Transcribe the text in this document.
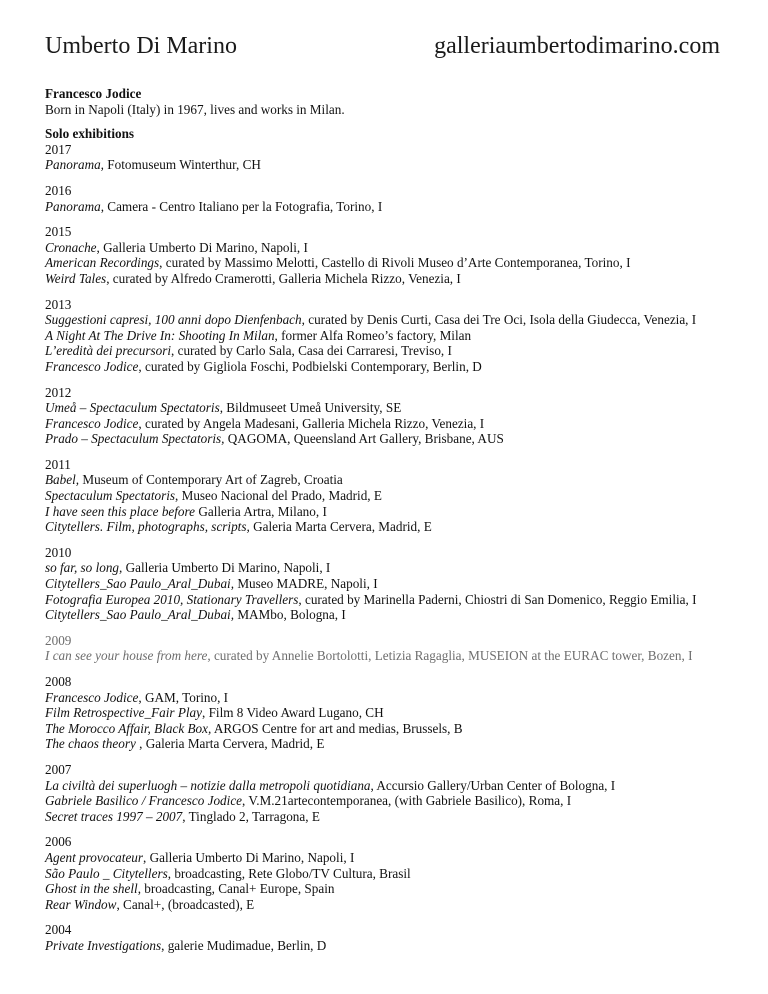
Umberto Di Marino	galleriaumbertodimarino.com
Francesco Jodice
Born in Napoli (Italy) in 1967, lives and works in Milan.
Solo exhibitions
2017
Panorama, Fotomuseum Winterthur, CH
2016
Panorama, Camera - Centro Italiano per la Fotografia, Torino, I
2015
Cronache, Galleria Umberto Di Marino, Napoli, I
American Recordings, curated by Massimo Melotti, Castello di Rivoli Museo d’Arte Contemporanea, Torino, I
Weird Tales, curated by Alfredo Cramerotti, Galleria Michela Rizzo, Venezia, I
2013
Suggestioni capresi, 100 anni dopo Dienfenbach, curated by Denis Curti, Casa dei Tre Oci, Isola della Giudecca, Venezia, I
A Night At The Drive In: Shooting In Milan, former Alfa Romeo’s factory, Milan
L’eredità dei precursori, curated by Carlo Sala, Casa dei Carraresi, Treviso, I
Francesco Jodice, curated by Gigliola Foschi, Podbielski Contemporary, Berlin, D
2012
Umeå – Spectaculum Spectatoris, Bildmuseet Umeå University, SE
Francesco Jodice, curated by Angela Madesani, Galleria Michela Rizzo, Venezia, I
Prado – Spectaculum Spectatoris, QAGOMA, Queensland Art Gallery, Brisbane, AUS
2011
Babel, Museum of Contemporary Art of Zagreb, Croatia
Spectaculum Spectatoris, Museo Nacional del Prado, Madrid, E
I have seen this place before Galleria Artra, Milano, I
Citytellers. Film, photographs, scripts, Galeria Marta Cervera, Madrid, E
2010
so far, so long, Galleria Umberto Di Marino, Napoli, I
Citytellers_Sao Paulo_Aral_Dubai, Museo MADRE, Napoli, I
Fotografia Europea 2010, Stationary Travellers, curated by Marinella Paderni, Chiostri di San Domenico, Reggio Emilia, I
Citytellers_Sao Paulo_Aral_Dubai, MAMbo, Bologna, I
2009
I can see your house from here, curated by Annelie Bortolotti, Letizia Ragaglia, MUSEION at the EURAC tower, Bozen, I
2008
Francesco Jodice, GAM, Torino, I
Film Retrospective_Fair Play, Film 8 Video Award Lugano, CH
The Morocco Affair, Black Box, ARGOS Centre for art and medias, Brussels, B
The chaos theory , Galeria Marta Cervera, Madrid, E
2007
La civiltà dei superluogh – notizie dalla metropoli quotidiana, Accursio Gallery/Urban Center of Bologna, I
Gabriele Basilico / Francesco Jodice, V.M.21artecontemporanea, (with Gabriele Basilico), Roma, I
Secret traces 1997 – 2007, Tinglado 2, Tarragona, E
2006
Agent provocateur, Galleria Umberto Di Marino, Napoli, I
São Paulo _ Citytellers, broadcasting, Rete Globo/TV Cultura, Brasil
Ghost in the shell, broadcasting, Canal+ Europe, Spain
Rear Window, Canal+, (broadcasted), E
2004
Private Investigations, galerie Mudimadue, Berlin, D
